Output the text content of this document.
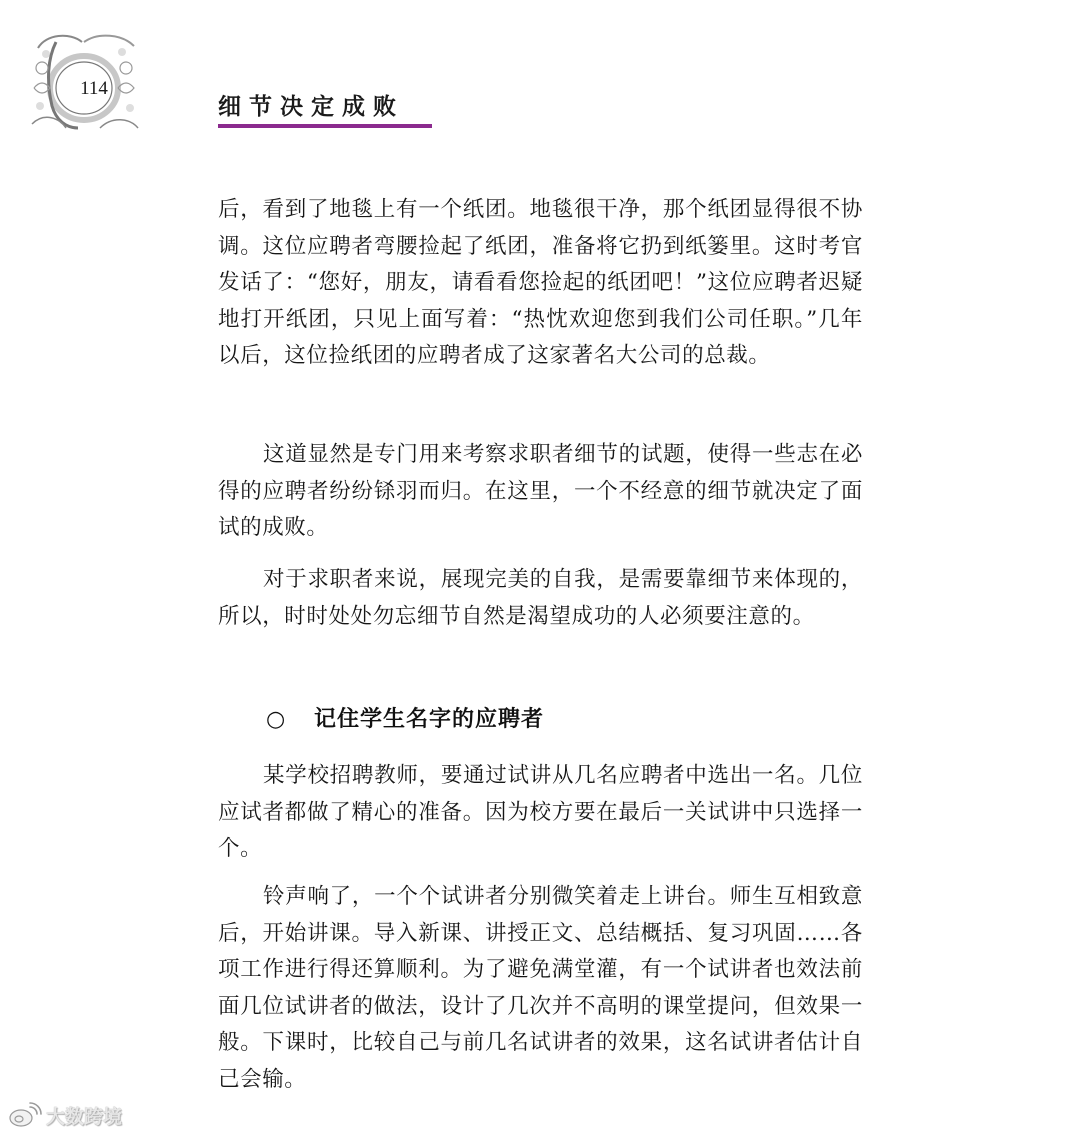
114
细节决定成败

后，看到了地毯上有一个纸团。地毯很干净，那个纸团显得很不协调。这位应聘者弯腰捡起了纸团，准备将它扔到纸篓里。这时考官发话了：“您好，朋友，请看看您捡起的纸团吧！”这位应聘者迟疑地打开纸团，只见上面写着：“热忱欢迎您到我们公司任职。”几年以后，这位捡纸团的应聘者成了这家著名大公司的总裁。

这道显然是专门用来考察求职者细节的试题，使得一些志在必得的应聘者纷纷铩羽而归。在这里，一个不经意的细节就决定了面试的成败。

对于求职者来说，展现完美的自我，是需要靠细节来体现的，所以，时时处处勿忘细节自然是渴望成功的人必须要注意的。

○ 记住学生名字的应聘者

某学校招聘教师，要通过试讲从几名应聘者中选出一名。几位应试者都做了精心的准备。因为校方要在最后一关试讲中只选择一个。

铃声响了，一个个试讲者分别微笑着走上讲台。师生互相致意后，开始讲课。导入新课、讲授正文、总结概括、复习巩固……各项工作进行得还算顺利。为了避免满堂灌，有一个试讲者也效法前面几位试讲者的做法，设计了几次并不高明的课堂提问，但效果一般。下课时，比较自己与前几名试讲者的效果，这名试讲者估计自己会输。

大数跨境
